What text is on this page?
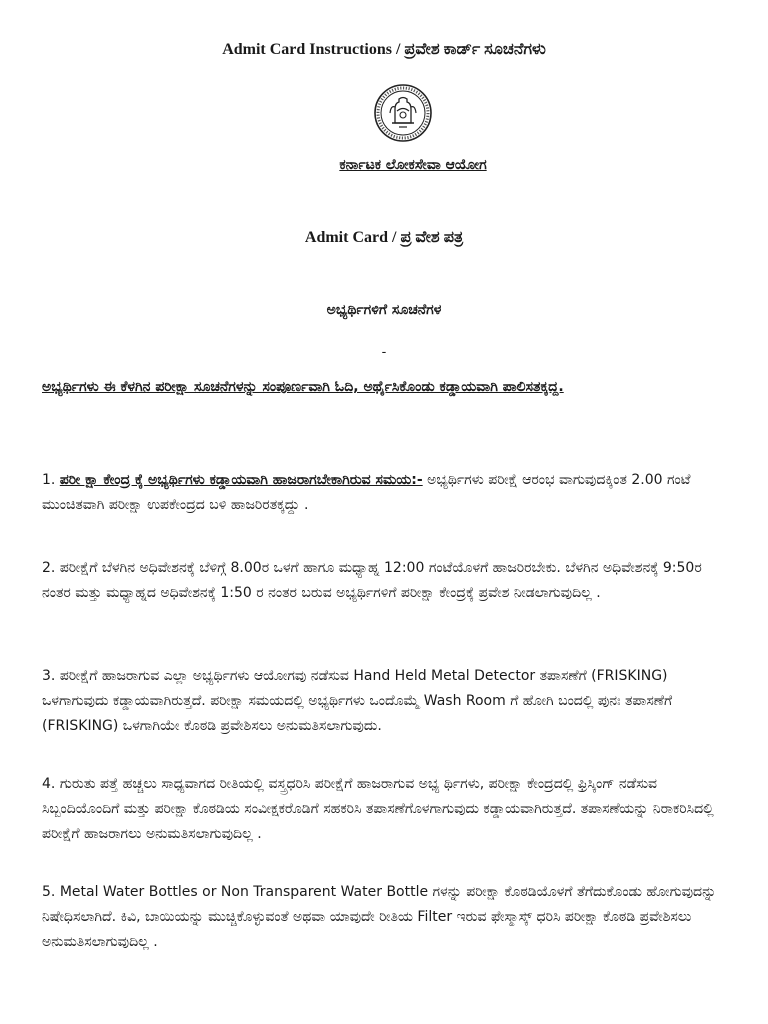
Admit Card Instructions / ಪ್ರವೇಶ ಕಾರ್ಡ್ ಸೂಚನೆಗಳು
ಕರ್ನಾಟಕ ಲೋಕಸೇವಾ ಆಯೋಗ
Admit Card / ಪ್ರ ವೇಶ ಪತ್ರ
ಅಭ್ಯರ್ಥಿಗಳಿಗೆ ಸೂಚನೆಗಳ
-
ಅಭ್ಯರ್ಥಿಗಳು ಈ ಕೆಳಗಿನ ಪರೀಕ್ಷಾ ಸೂಚನೆಗಳನ್ನು ಸಂಪೂರ್ಣವಾಗಿ ಓದಿ, ಅರ್ಥೈಸಿಕೊಂಡು ಕಡ್ಡಾಯವಾಗಿ ಪಾಲಿಸತಕ್ಕದ್ದ.
1. ಪರೀ ಕ್ಷಾ ಕೇಂದ್ರ ಕ್ಕೆ ಅಭ್ಯರ್ಥಿಗಳು ಕಡ್ಡಾಯವಾಗಿ ಹಾಜರಾಗಬೇಕಾಗಿರುವ ಸಮಯ:- ಅಭ್ಯರ್ಥಿಗಳು ಪರೀಕ್ಷೆ ಆರಂಭ ವಾಗುವುದಕ್ಕಿಂತ 2.00 ಗಂಟೆ ಮುಂಚಿತವಾಗಿ ಪರೀಕ್ಷಾ ಉಪಕೇಂದ್ರದ ಬಳಿ ಹಾಜರಿರತಕ್ಕದ್ದು .
2. ಪರೀಕ್ಷೆಗೆ ಬೆಳಗಿನ ಅಧಿವೇಶನಕ್ಕೆ ಬೆಳಿಗ್ಗೆ 8.00ರ ಒಳಗೆ ಹಾಗೂ ಮಧ್ಯಾಹ್ನ 12:00 ಗಂಟೆಯೊಳಗೆ ಹಾಜರಿರಬೇಕು. ಬೆಳಗಿನ ಅಧಿವೇಶನಕ್ಕೆ 9:50ರ ನಂತರ ಮತ್ತು ಮಧ್ಯಾಹ್ನದ ಅಧಿವೇಶನಕ್ಕೆ 1:50 ರ ನಂತರ ಬರುವ ಅಭ್ಯರ್ಥಿಗಳಿಗೆ ಪರೀಕ್ಷಾ ಕೇಂದ್ರಕ್ಕೆ ಪ್ರವೇಶ ನೀಡಲಾಗುವುದಿಲ್ಲ .
3. ಪರೀಕ್ಷೆಗೆ ಹಾಜರಾಗುವ ಎಲ್ಲಾ ಅಭ್ಯರ್ಥಿಗಳು ಆಯೋಗವು ನಡೆಸುವ Hand Held Metal Detector ತಪಾಸಣೆಗೆ (FRISKING) ಒಳಗಾಗುವುದು ಕಡ್ಡಾಯವಾಗಿರುತ್ತದೆ. ಪರೀಕ್ಷಾ ಸಮಯದಲ್ಲಿ ಅಭ್ಯರ್ಥಿಗಳು ಒಂದೊಮ್ಮೆ Wash Room ಗೆ ಹೋಗಿ ಬಂದಲ್ಲಿ ಪುನಃ ತಪಾಸಣೆಗೆ (FRISKING) ಒಳಗಾಗಿಯೇ ಕೊಠಡಿ ಪ್ರವೇಶಿಸಲು ಅನುಮತಿಸಲಾಗುವುದು.
4. ಗುರುತು ಪತ್ತೆ ಹಚ್ಚಲು ಸಾಧ್ಯವಾಗದ ರೀತಿಯಲ್ಲಿ ವಸ್ತ್ರಧರಿಸಿ ಪರೀಕ್ಷೆಗೆ ಹಾಜರಾಗುವ ಅಭ್ಯ ರ್ಥಿಗಳು, ಪರೀಕ್ಷಾ ಕೇಂದ್ರದಲ್ಲಿ ಫ್ರಿಸ್ಕಿಂಗ್ ನಡೆಸುವ ಸಿಬ್ಬಂದಿಯೊಂದಿಗೆ ಮತ್ತು ಪರೀಕ್ಷಾ ಕೊಠಡಿಯ ಸಂವೀಕ್ಷಕರೊಡಿಗೆ ಸಹಕರಿಸಿ ತಪಾಸಣೆಗೊಳಗಾಗುವುದು ಕಡ್ಡಾಯವಾಗಿರುತ್ತದೆ. ತಪಾಸಣೆಯನ್ನು ನಿರಾಕರಿಸಿದಲ್ಲಿ ಪರೀಕ್ಷೆಗೆ ಹಾಜರಾಗಲು ಅನುಮತಿಸಲಾಗುವುದಿಲ್ಲ .
5. Metal Water Bottles or Non Transparent Water Bottle ಗಳನ್ನು ಪರೀಕ್ಷಾ ಕೊಠಡಿಯೊಳಗೆ ತೆಗೆದುಕೊಂಡು ಹೋಗುವುದನ್ನು ನಿಷೇಧಿಸಲಾಗಿದೆ. ಕಿವಿ, ಬಾಯಿಯನ್ನು ಮುಚ್ಚಿಕೊಳ್ಳುವಂತೆ ಅಥವಾ ಯಾವುದೇ ರೀತಿಯ Filter ಇರುವ ಫೇಸ್ಮಾಸ್ಕ್ ಧರಿಸಿ ಪರೀಕ್ಷಾ ಕೊಠಡಿ ಪ್ರವೇಶಿಸಲು ಅನುಮತಿಸಲಾಗುವುದಿಲ್ಲ .
